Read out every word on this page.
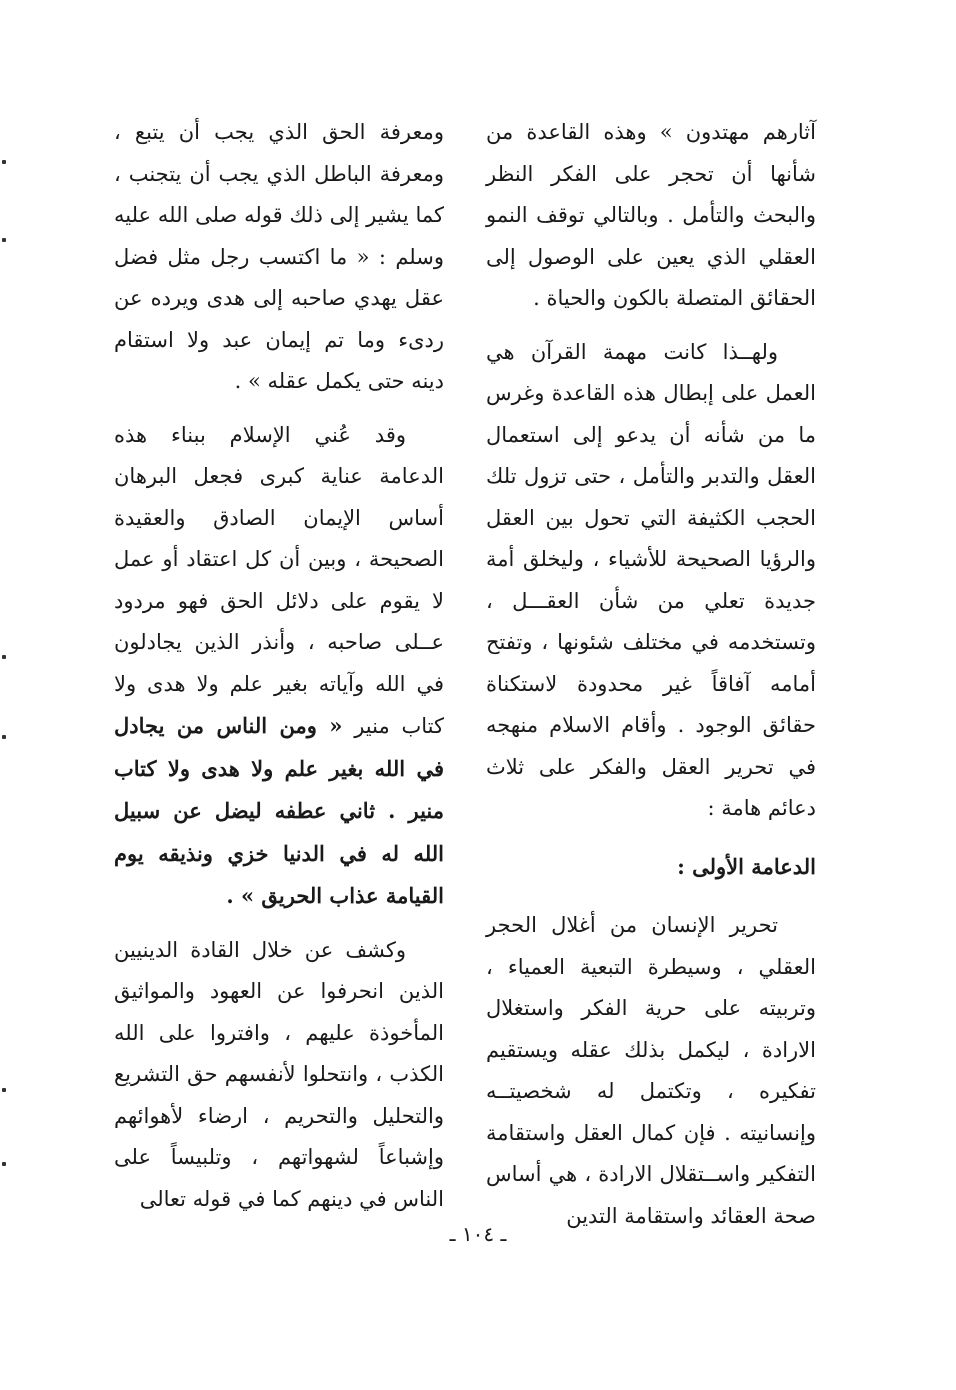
آثارهم مهتدون » وهذه القاعدة من شأنها أن تحجر على الفكر النظر والبحث والتأمل . وبالتالي توقف النمو العقلي الذي يعين على الوصول إلى الحقائق المتصلة بالكون والحياة .

ولهــذا كانت مهمة القرآن هي العمل على إبطال هذه القاعدة وغرس ما من شأنه أن يدعو إلى استعمال العقل والتدبر والتأمل ، حتى تزول تلك الحجب الكثيفة التي تحول بين العقل والرؤيا الصحيحة للأشياء ، وليخلق أمة جديدة تعلي من شأن العقـــل ، وتستخدمه في مختلف شئونها ، وتفتح أمامه آفاقاً غير محدودة لاستكناة حقائق الوجود . وأقام الاسلام منهجه في تحرير العقل والفكر على ثلاث دعائم هامة :

الدعامة الأولى :

تحرير الإنسان من أغلال الحجر العقلي ، وسيطرة التبعية العمياء ، وتربيته على حرية الفكر واستغلال الارادة ، ليكمل بذلك عقله ويستقيم تفكيره ، وتكتمل له شخصيتــه وإنسانيته . فإن كمال العقل واستقامة التفكير واســتقلال الارادة ، هي أساس صحة العقائد واستقامة التدين

ومعرفة الحق الذي يجب أن يتبع ، ومعرفة الباطل الذي يجب أن يتجنب ، كما يشير إلى ذلك قوله صلى الله عليه وسلم : « ما اكتسب رجل مثل فضل عقل يهدي صاحبه إلى هدى ويرده عن ردىء وما تم إيمان عبد ولا استقام دينه حتى يكمل عقله » .

وقد عُني الإسلام ببناء هذه الدعامة عناية كبرى فجعل البرهان أساس الإيمان الصادق والعقيدة الصحيحة ، وبين أن كل اعتقاد أو عمل لا يقوم على دلائل الحق فهو مردود عــلى صاحبه ، وأنذر الذين يجادلون في الله وآياته بغير علم ولا هدى ولا كتاب منير « ومن الناس من يجادل في الله بغير علم ولا هدى ولا كتاب منير . ثاني عطفه ليضل عن سبيل الله له في الدنيا خزي ونذيقه يوم القيامة عذاب الحريق » .

وكشف عن خلال القادة الدينيين الذين انحرفوا عن العهود والمواثيق المأخوذة عليهم ، وافتروا على الله الكذب ، وانتحلوا لأنفسهم حق التشريع والتحليل والتحريم ، ارضاء لأهوائهم وإشباعاً لشهواتهم ، وتلبيساً على الناس في دينهم كما في قوله تعالى

ـ ١٠٤ ـ
